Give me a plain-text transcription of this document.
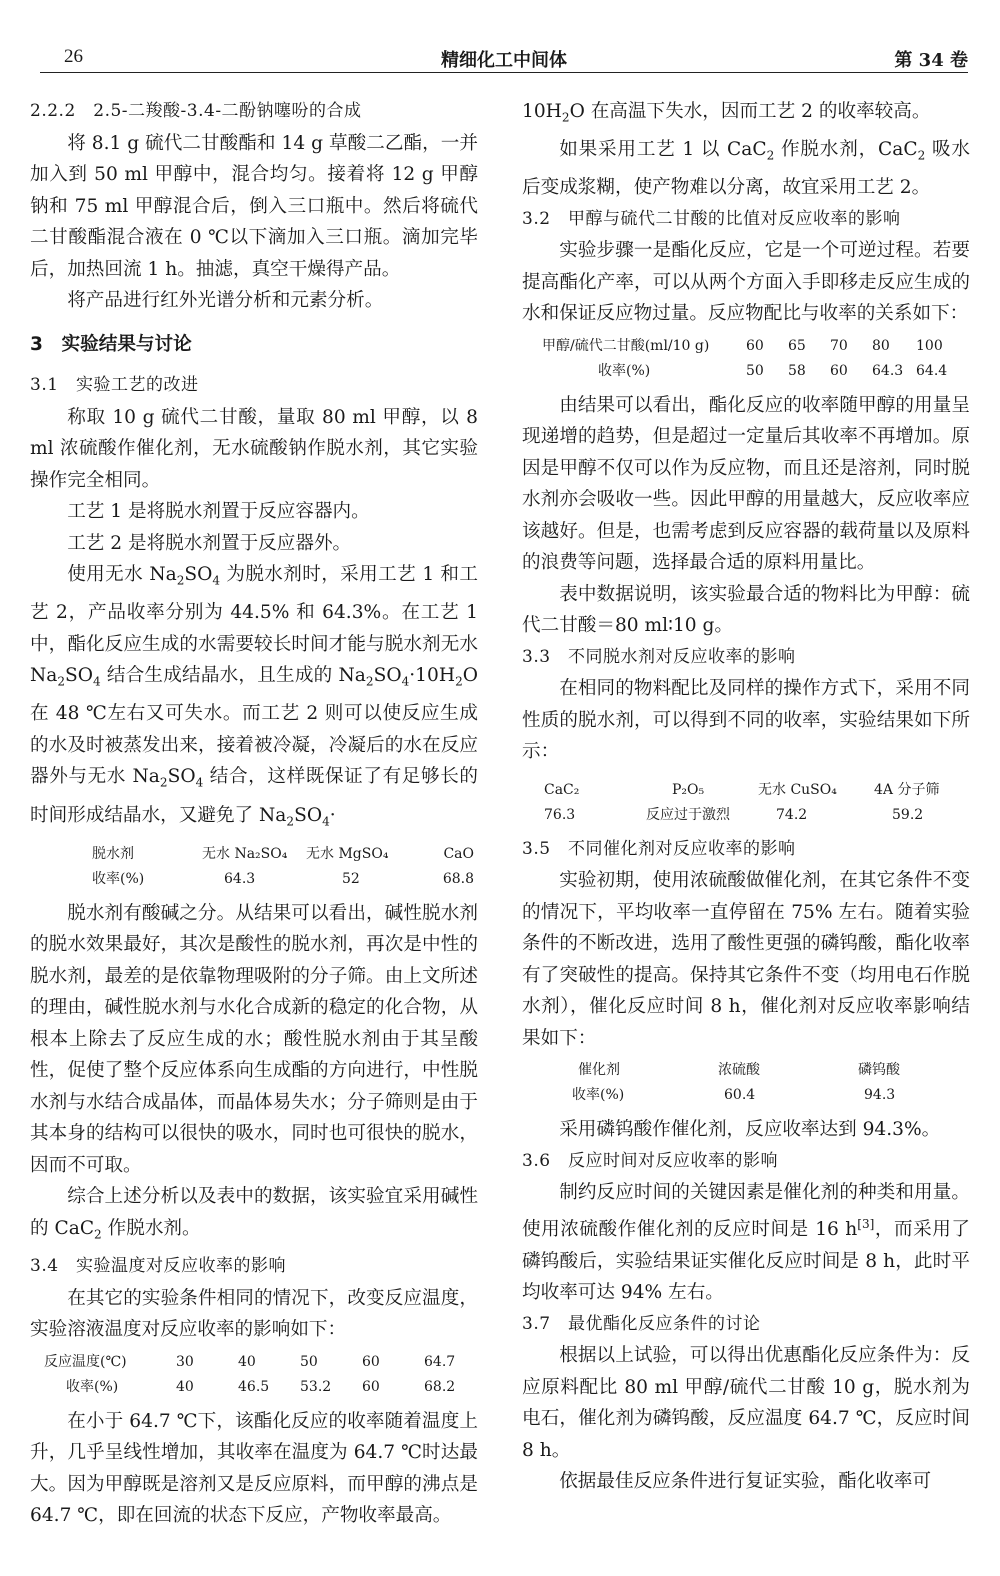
26	精细化工中间体	第 34 卷
2.2.2　2.5-二羧酸-3.4-二酚钠噻吩的合成

将 8.1 g 硫代二甘酸酯和 14 g 草酸二乙酯，一并加入到 50 ml 甲醇中，混合均匀。接着将 12 g 甲醇钠和 75 ml 甲醇混合后，倒入三口瓶中。然后将硫代二甘酸酯混合液在 0 ℃以下滴加入三口瓶。滴加完毕后，加热回流 1 h。抽滤，真空干燥得产品。

将产品进行红外光谱分析和元素分析。

3　实验结果与讨论
3.1　实验工艺的改进

称取 10 g 硫代二甘酸，量取 80 ml 甲醇，以 8 ml 浓硫酸作催化剂，无水硫酸钠作脱水剂，其它实验操作完全相同。

工艺 1 是将脱水剂置于反应容器内。

工艺 2 是将脱水剂置于反应器外。

使用无水 $Na_2SO_4$ 为脱水剂时，采用工艺 1 和工艺 2，产品收率分别为 44.5% 和 64.3%。在工艺 1 中，酯化反应生成的水需要较长时间才能与脱水剂无水 $Na_2SO_4$ 结合生成结晶水，且生成的 $Na_2SO_4\cdot 10H_2O$ 在 48 ℃左右又可失水。而工艺 2 则可以使反应生成的水及时被蒸发出来，接着被冷凝，冷凝后的水在反应器外与无水 $Na_2SO_4$ 结合，这样既保证了有足够长的时间形成结晶水，又避免了 $Na_2SO_4\cdot$

脱水剂	无水 Na₂SO₄	无水 MgSO₄	CaO
收率(%)	64.3	52	68.8

脱水剂有酸碱之分。从结果可以看出，碱性脱水剂的脱水效果最好，其次是酸性的脱水剂，再次是中性的脱水剂，最差的是依靠物理吸附的分子筛。由上文所述的理由，碱性脱水剂与水化合成新的稳定的化合物，从根本上除去了反应生成的水；酸性脱水剂由于其呈酸性，促使了整个反应体系向生成酯的方向进行，中性脱水剂与水结合成晶体，而晶体易失水；分子筛则是由于其本身的结构可以很快的吸水，同时也可很快的脱水，因而不可取。

综合上述分析以及表中的数据，该实验宜采用碱性的 CaC$_2$ 作脱水剂。

3.4　实验温度对反应收率的影响

在其它的实验条件相同的情况下，改变反应温度，实验溶液温度对反应收率的影响如下：

反应温度(℃)	30	40	50	60	64.7
收率(%)	40	46.5	53.2	60	68.2

在小于 64.7 ℃下，该酯化反应的收率随着温度上升，几乎呈线性增加，其收率在温度为 64.7 ℃时达最大。因为甲醇既是溶剂又是反应原料，而甲醇的沸点是 64.7 ℃，即在回流的状态下反应，产物收率最高。

$10H_2O$ 在高温下失水，因而工艺 2 的收率较高。

如果采用工艺 1 以 CaC$_2$ 作脱水剂，CaC$_2$ 吸水后变成浆糊，使产物难以分离，故宜采用工艺 2。

3.2　甲醇与硫代二甘酸的比值对反应收率的影响

实验步骤一是酯化反应，它是一个可逆过程。若要提高酯化产率，可以从两个方面入手即移走反应生成的水和保证反应物过量。反应物配比与收率的关系如下：

甲醇/硫代二甘酸(ml/10 g)	60	65	70	80	100
收率(%)	50	58	60	64.3	64.4

由结果可以看出，酯化反应的收率随甲醇的用量呈现递增的趋势，但是超过一定量后其收率不再增加。原因是甲醇不仅可以作为反应物，而且还是溶剂，同时脱水剂亦会吸收一些。因此甲醇的用量越大，反应收率应该越好。但是，也需考虑到反应容器的载荷量以及原料的浪费等问题，选择最合适的原料用量比。

表中数据说明，该实验最合适的物料比为甲醇：硫代二甘酸＝80 ml∶10 g。

3.3　不同脱水剂对反应收率的影响

在相同的物料配比及同样的操作方式下，采用不同性质的脱水剂，可以得到不同的收率，实验结果如下所示：

CaC₂	P₂O₅	无水 CuSO₄	4A 分子筛
76.3	反应过于激烈	74.2	59.2
3.5　不同催化剂对反应收率的影响

实验初期，使用浓硫酸做催化剂，在其它条件不变的情况下，平均收率一直停留在 75% 左右。随着实验条件的不断改进，选用了酸性更强的磷钨酸，酯化收率有了突破性的提高。保持其它条件不变（均用电石作脱水剂），催化反应时间 8 h，催化剂对反应收率影响结果如下：

催化剂	浓硫酸	磷钨酸
收率(%)	60.4	94.3

采用磷钨酸作催化剂，反应收率达到 94.3%。

3.6　反应时间对反应收率的影响

制约反应时间的关键因素是催化剂的种类和用量。使用浓硫酸作催化剂的反应时间是 16 h[3]，而采用了磷钨酸后，实验结果证实催化反应时间是 8 h，此时平均收率可达 94% 左右。

3.7　最优酯化反应条件的讨论

根据以上试验，可以得出优惠酯化反应条件为：反应原料配比 80 ml 甲醇/硫代二甘酸 10 g，脱水剂为电石，催化剂为磷钨酸，反应温度 64.7 ℃，反应时间 8 h。

依据最佳反应条件进行复证实验，酯化收率可
